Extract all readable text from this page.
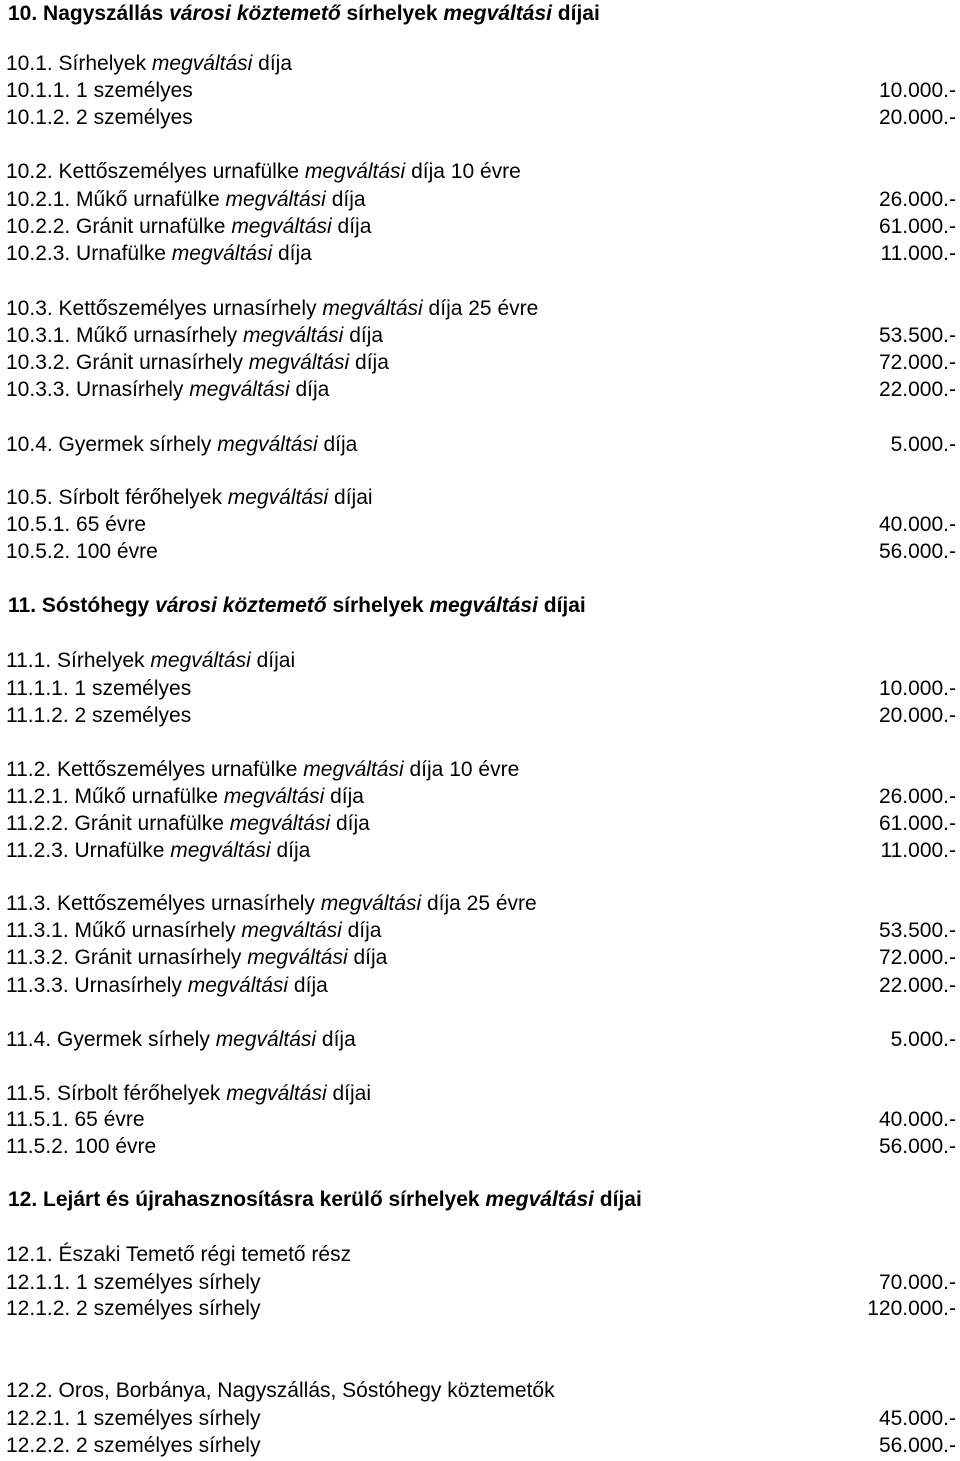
10. Nagyszállás városi köztemető sírhelyek megváltási díjai
10.1. Sírhelyek megváltási díja
10.1.1. 1 személyes	10.000.-
10.1.2. 2 személyes	20.000.-
10.2. Kettőszemélyes urnafülke megváltási díja 10 évre
10.2.1. Műkő urnafülke megváltási díja	26.000.-
10.2.2. Gránit urnafülke megváltási díja	61.000.-
10.2.3. Urnafülke megváltási díja	11.000.-
10.3. Kettőszemélyes urnasírhely megváltási díja 25 évre
10.3.1. Műkő urnasírhely megváltási díja	53.500.-
10.3.2. Gránit urnasírhely megváltási díja	72.000.-
10.3.3. Urnasírhely megváltási díja	22.000.-
10.4. Gyermek sírhely megváltási díja	5.000.-
10.5. Sírbolt férőhelyek megváltási díjai
10.5.1. 65 évre	40.000.-
10.5.2. 100 évre	56.000.-
11. Sóstóhegy városi köztemető sírhelyek megváltási díjai
11.1. Sírhelyek megváltási díjai
11.1.1. 1 személyes	10.000.-
11.1.2. 2 személyes	20.000.-
11.2. Kettőszemélyes urnafülke megváltási díja 10 évre
11.2.1. Műkő urnafülke megváltási díja	26.000.-
11.2.2. Gránit urnafülke megváltási díja	61.000.-
11.2.3. Urnafülke megváltási díja	11.000.-
11.3. Kettőszemélyes urnasírhely megváltási díja 25 évre
11.3.1. Műkő urnasírhely megváltási díja	53.500.-
11.3.2. Gránit urnasírhely megváltási díja	72.000.-
11.3.3. Urnasírhely megváltási díja	22.000.-
11.4. Gyermek sírhely megváltási díja	5.000.-
11.5. Sírbolt férőhelyek megváltási díjai
11.5.1. 65 évre	40.000.-
11.5.2. 100 évre	56.000.-
12. Lejárt és újrahasznosításra kerülő sírhelyek megváltási díjai
12.1. Északi Temető régi temető rész
12.1.1. 1 személyes sírhely	70.000.-
12.1.2. 2 személyes sírhely	120.000.-
12.2. Oros, Borbánya, Nagyszállás, Sóstóhegy köztemetők
12.2.1. 1 személyes sírhely	45.000.-
12.2.2. 2 személyes sírhely	56.000.-
